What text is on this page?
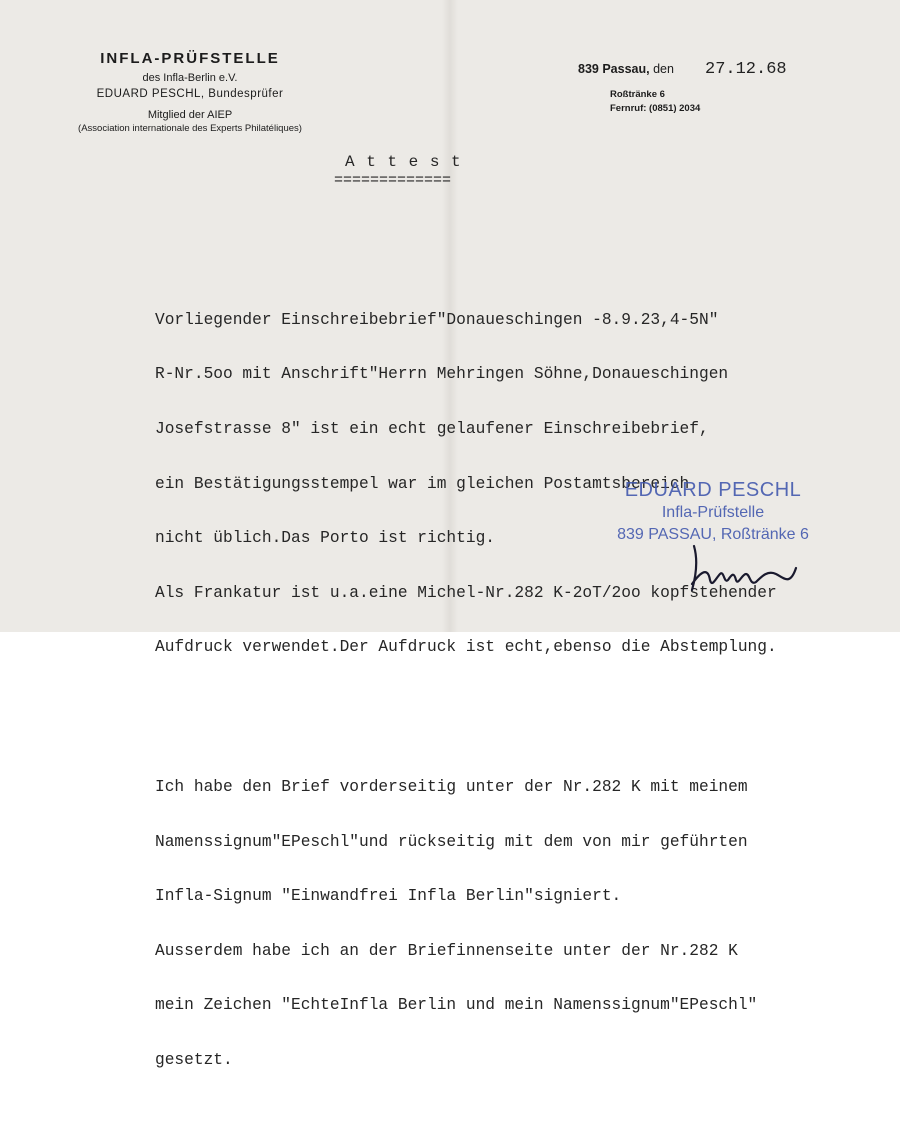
INFLA-PRÜFSTELLE
des Infla-Berlin e.V.
EDUARD PESCHL, Bundesprüfer
Mitglied der AIEP
(Association internationale des Experts Philatéliques)
839 Passau, den 27.12.68
Roßtränke 6
Fernruf: (0851) 2034
A t t e s t
=============

Vorliegender Einschreibebrief"Donaueschingen -8.9.23,4-5N"

R-Nr.5oo mit Anschrift"Herrn Mehringen Söhne,Donaueschingen

Josefstrasse 8" ist ein echt gelaufener Einschreibebrief,

ein Bestätigungsstempel war im gleichen Postamtsbereich

nicht üblich.Das Porto ist richtig.

Als Frankatur ist u.a.eine Michel-Nr.282 K-2oT/2oo kopfstehender

Aufdruck verwendet.Der Aufdruck ist echt,ebenso die Abstemplung.

Ich habe den Brief vorderseitig unter der Nr.282 K mit meinem

Namenssignum"EPeschl"und rückseitig mit dem von mir geführten

Infla-Signum "Einwandfrei Infla Berlin"signiert.

Ausserdem habe ich an der Briefinnenseite unter der Nr.282 K

mein Zeichen "EchteInfla Berlin und mein Namenssignum"EPeschl"

gesetzt.

EDUARD PESCHL
Infla-Prüfstelle
839 PASSAU, Roßtränke 6
